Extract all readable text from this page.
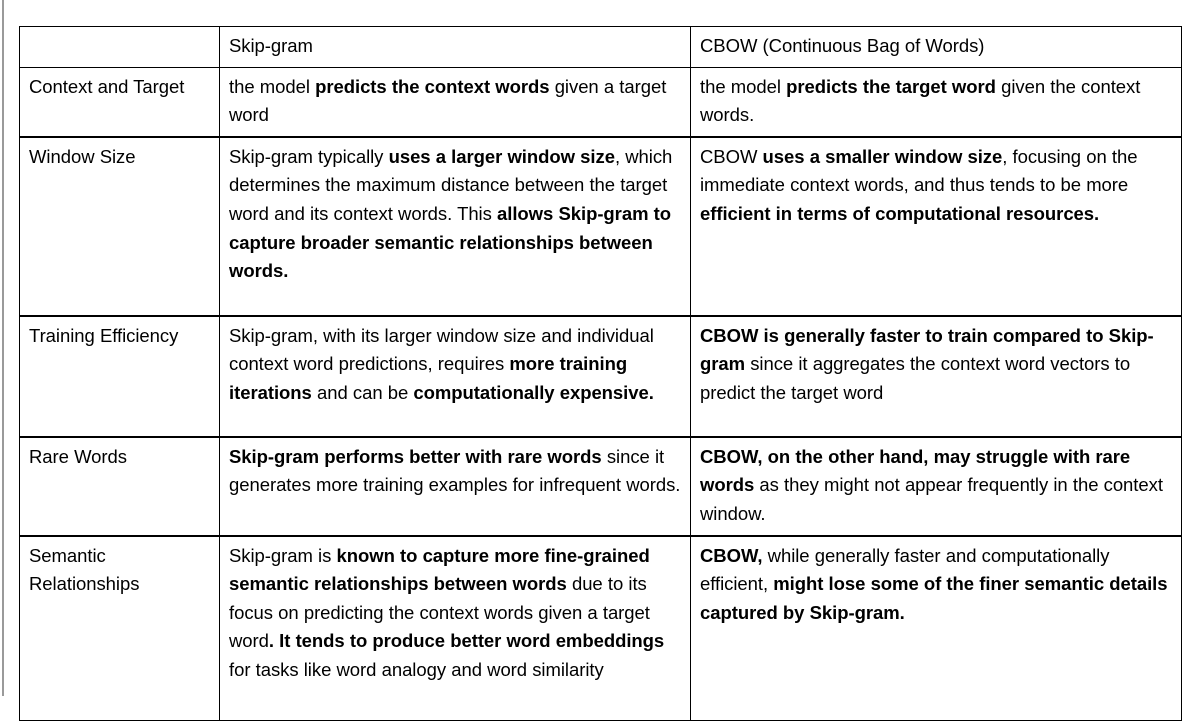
	Skip-gram	CBOW (Continuous Bag of Words)
Context and Target	the model predicts the context words given a target word	the model predicts the target word given the context words.
Window Size	Skip-gram typically uses a larger window size, which determines the maximum distance between the target word and its context words. This allows Skip-gram to capture broader semantic relationships between words.	CBOW uses a smaller window size, focusing on the immediate context words, and thus tends to be more efficient in terms of computational resources.
Training Efficiency	Skip-gram, with its larger window size and individual context word predictions, requires more training iterations and can be computationally expensive.	CBOW is generally faster to train compared to Skip-gram since it aggregates the context word vectors to predict the target word
Rare Words	Skip-gram performs better with rare words since it generates more training examples for infrequent words.	CBOW, on the other hand, may struggle with rare words as they might not appear frequently in the context window.
Semantic Relationships	Skip-gram is known to capture more fine-grained semantic relationships between words due to its focus on predicting the context words given a target word. It tends to produce better word embeddings for tasks like word analogy and word similarity	CBOW, while generally faster and computationally efficient, might lose some of the finer semantic details captured by Skip-gram.
